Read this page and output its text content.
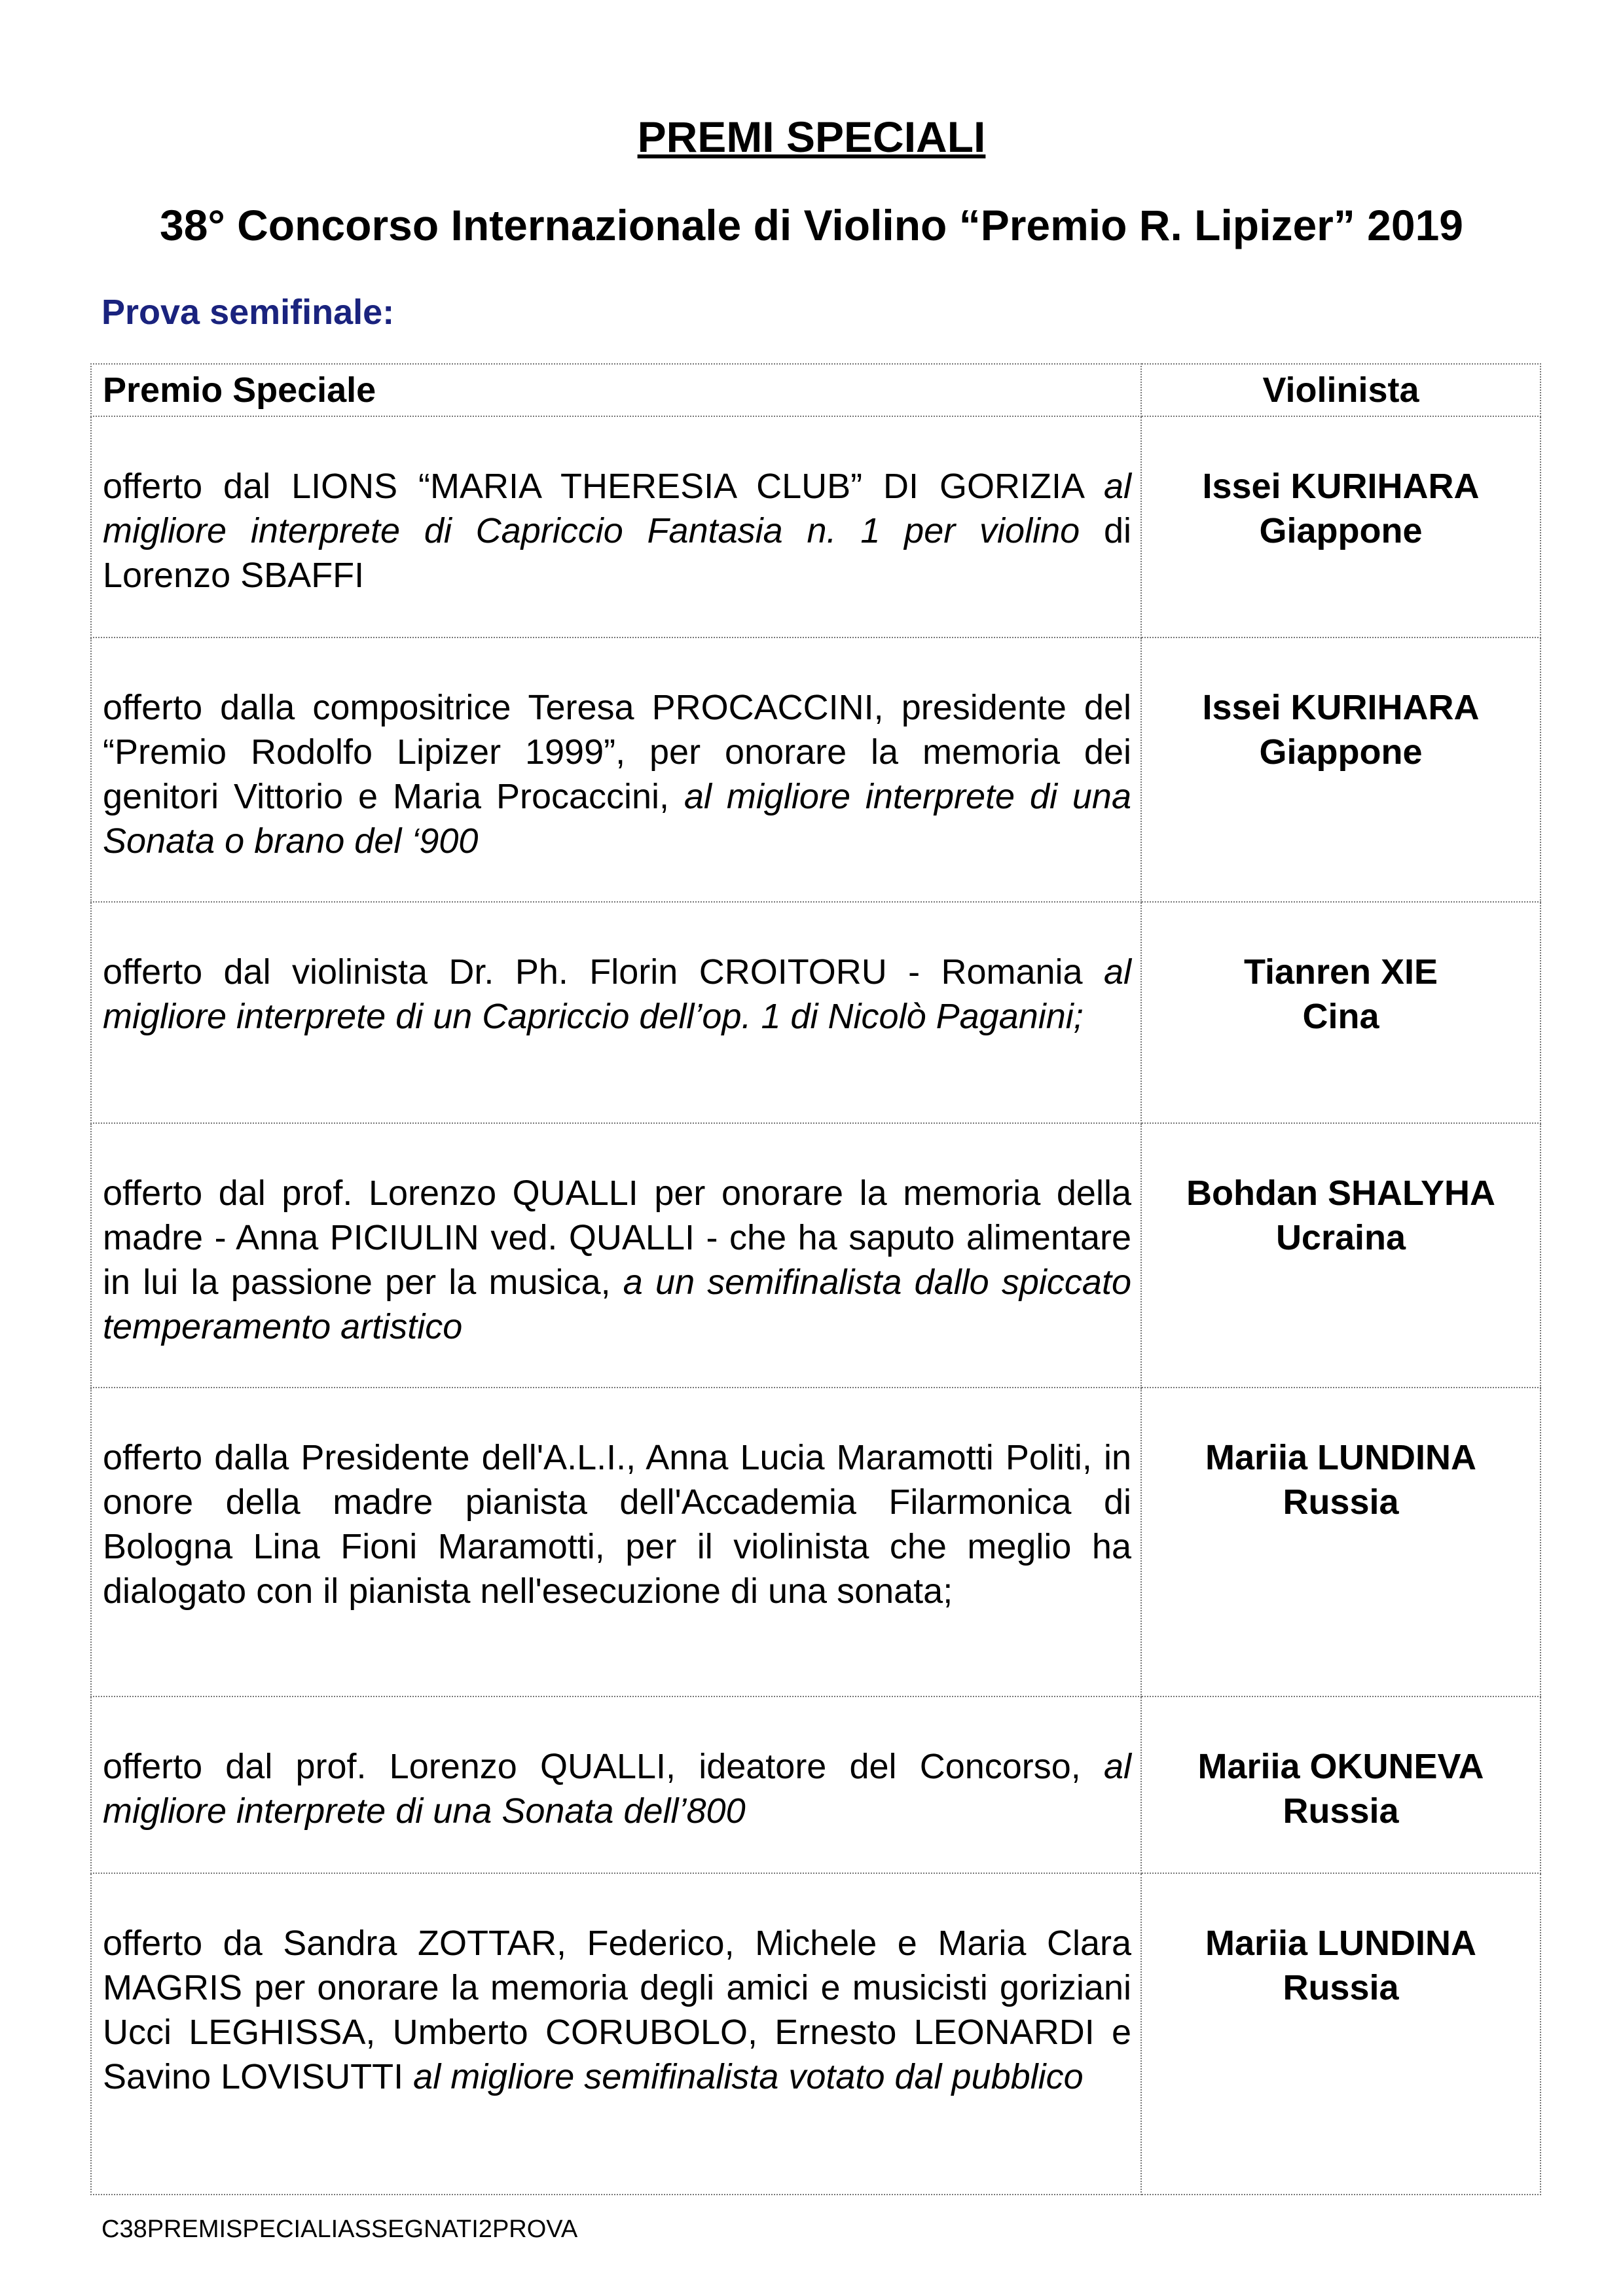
PREMI SPECIALI
38° Concorso Internazionale di Violino “Premio R. Lipizer” 2019
Prova semifinale:
Premio Speciale	Violinista
offerto dal LIONS “MARIA THERESIA CLUB” DI GORIZIA al migliore interprete di Capriccio Fantasia n. 1 per violino di Lorenzo SBAFFI	Issei KURIHARA
Giappone

offerto dalla compositrice Teresa PROCACCINI, presidente del “Premio Rodolfo Lipizer 1999”, per onorare la memoria dei genitori Vittorio e Maria Procaccini, al migliore interprete di una Sonata o brano del ‘900	Issei KURIHARA
Giappone

offerto dal violinista Dr. Ph. Florin CROITORU - Romania al migliore interprete di un Capriccio dell’op. 1 di Nicolò Paganini;	Tianren XIE
Cina

offerto dal prof. Lorenzo QUALLI per onorare la memoria della madre - Anna PICIULIN ved. QUALLI - che ha saputo alimentare in lui la passione per la musica, a un semifinalista dallo spiccato temperamento artistico	Bohdan SHALYHA
Ucraina

offerto dalla Presidente dell'A.L.I., Anna Lucia Maramotti Politi, in onore della madre pianista dell'Accademia Filarmonica di Bologna Lina Fioni Maramotti, per il violinista che meglio ha dialogato con il pianista nell'esecuzione di una sonata;	Mariia LUNDINA
Russia

offerto dal prof. Lorenzo QUALLI, ideatore del Concorso, al migliore interprete di una Sonata dell’800	Mariia OKUNEVA
Russia

offerto da Sandra ZOTTAR, Federico, Michele e Maria Clara MAGRIS per onorare la memoria degli amici e musicisti goriziani Ucci LEGHISSA, Umberto CORUBOLO, Ernesto LEONARDI e Savino LOVISUTTI al migliore semifinalista votato dal pubblico	Mariia LUNDINA
Russia

C38PREMISPECIALIASSEGNATI2PROVA
